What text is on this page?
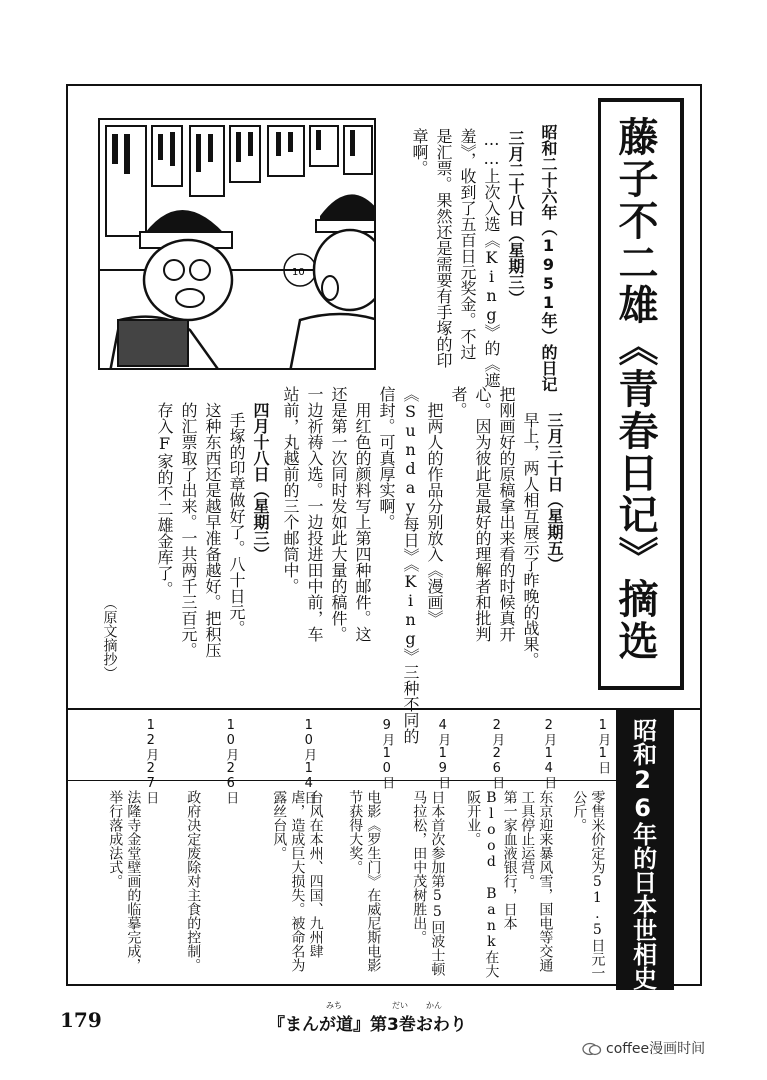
藤子不二雄《青春日记》摘选
10	昭和二十六年（1951年）的日记
三月二十八日（星期三）
……上次入选《King》的《遮
羞》，收到了五百日元奖金。不过
是汇票。果然还是需要有手塚的印
章啊。
三月三十日（星期五）
早上，两人相互展示了昨晚的战果。
把刚画好的原稿拿出来看的时候真开
心。因为彼此是最好的理解者和批判
者。
　把两人的作品分别放入《漫画》
《Sunday每日》《King》三种不同的
信封。可真厚实啊。
　用红色的颜料写上第四种邮件。这
还是第一次同时发如此大量的稿件。
一边祈祷入选。一边投进田中前，车
站前，丸越前的三个邮筒中。
四月十八日（星期三）
手塚的印章做好了。八十日元。
这种东西还是越早准备越好。把积压
的汇票取了出来。一共两千三百元。
存入F家的不二雄金库了。
（原文摘抄）
昭和26年的日本世相史!!
1月1日
零售米价定为51.5日元一公斤。
2月14日
东京迎来暴风雪，国电等交通工具停止运营。
2月26日
第一家血液银行，日本Blood Bank在大阪开业。
4月19日
日本首次参加第55回波士顿马拉松，田中茂树胜出。
9月10日
电影《罗生门》在威尼斯电影节获得大奖。
10月14日
台风在本州、四国、九州肆虐，造成巨大损失。被命名为露丝台风。
10月26日
政府决定废除对主食的控制。
12月27日
法隆寺金堂壁画的临摹完成，举行落成法式。
179
みち	だい かん
『まんが道』第3巻おわり
coffee漫画时间
